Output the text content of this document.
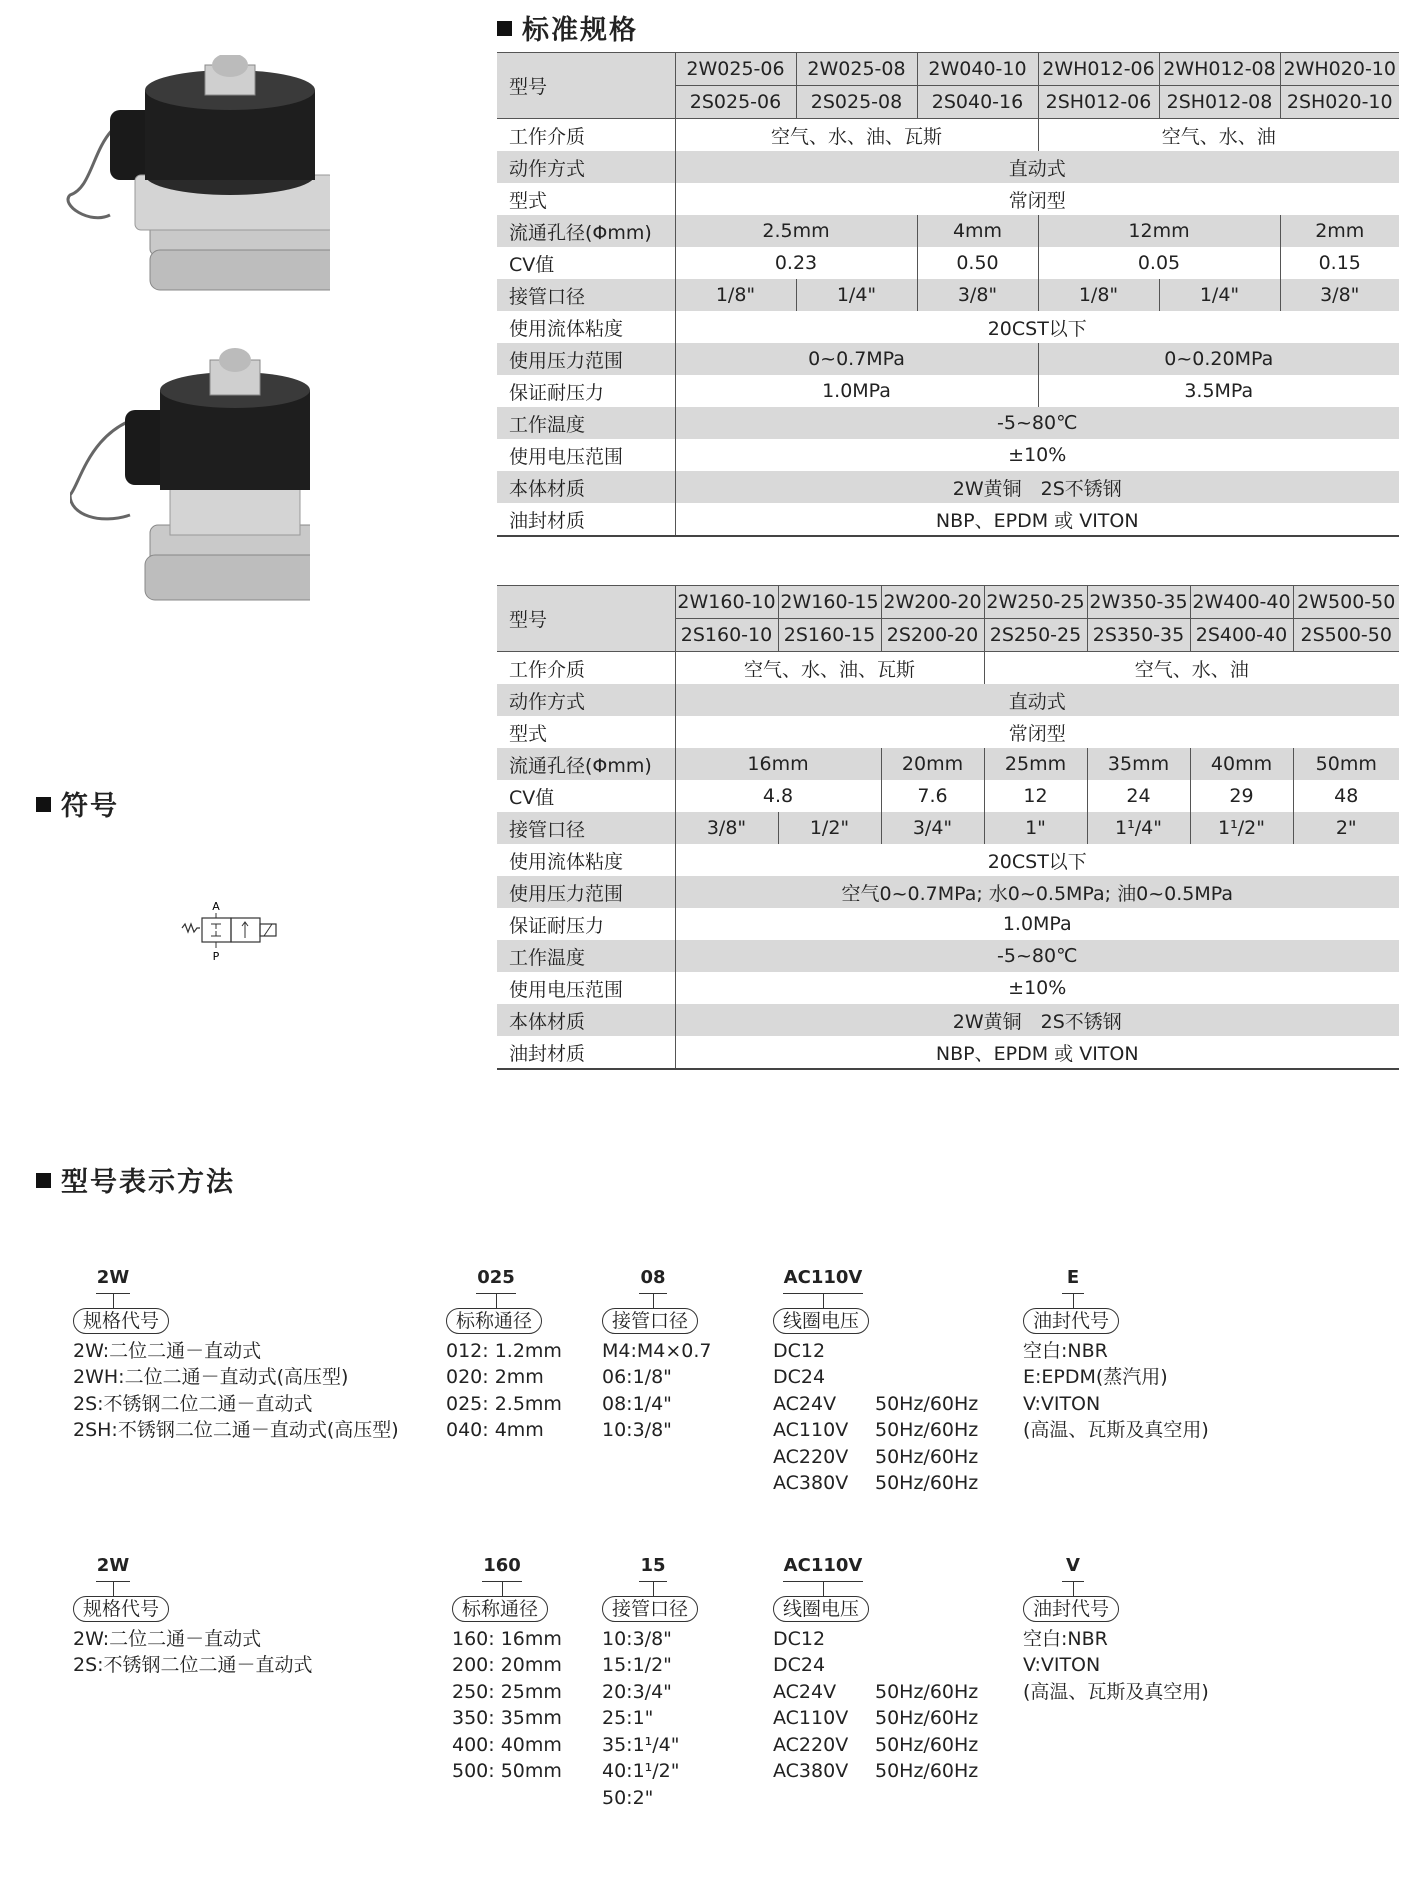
标准规格
符号
型号表示方法
A
P
型号	2W025-06	2W025-08	2W040-10	2WH012-06	2WH012-08	2WH020-10
	2S025-06	2S025-08	2S040-16	2SH012-06	2SH012-08	2SH020-10
工作介质	空气、水、油、瓦斯			空气、水、油		
动作方式	直动式					
型式	常闭型					
流通孔径(Φmm)	2.5mm		4mm	12mm		2mm
CV值	0.23		0.50	0.05		0.15
接管口径	1/8"	1/4"	3/8"	1/8"	1/4"	3/8"
使用流体粘度	20CST以下					
使用压力范围	0~0.7MPa			0~0.20MPa		
保证耐压力	1.0MPa			3.5MPa		
工作温度	-5~80℃					
使用电压范围	±10%					
本体材质	2W黄铜　2S不锈钢					
油封材质	NBP、EPDM 或 VITON					
型号	2W160-10	2W160-15	2W200-20	2W250-25	2W350-35	2W400-40	2W500-50
	2S160-10	2S160-15	2S200-20	2S250-25	2S350-35	2S400-40	2S500-50
工作介质	空气、水、油、瓦斯			空气、水、油			
动作方式	直动式						
型式	常闭型						
流通孔径(Φmm)	16mm		20mm	25mm	35mm	40mm	50mm
CV值	4.8		7.6	12	24	29	48
接管口径	3/8"	1/2"	3/4"	1"	1¹/4"	1¹/2"	2"
使用流体粘度	20CST以下						
使用压力范围	空气0~0.7MPa; 水0~0.5MPa; 油0~0.5MPa						
保证耐压力	1.0MPa						
工作温度	-5~80℃						
使用电压范围	±10%						
本体材质	2W黄铜　2S不锈钢						
油封材质	NBP、EPDM 或 VITON						
2W
规格代号
2W:二位二通－直动式
2WH:二位二通－直动式(高压型)
2S:不锈钢二位二通－直动式
2SH:不锈钢二位二通－直动式(高压型)
025
标称通径
012: 1.2mm
020: 2mm
025: 2.5mm
040: 4mm
08
接管口径
M4:M4×0.7
06:1/8"
08:1/4"
10:3/8"
AC110V
线圈电压
DC12
DC24
AC24V 50Hz/60Hz
AC110V 50Hz/60Hz
AC220V 50Hz/60Hz
AC380V 50Hz/60Hz
E
油封代号
空白:NBR
E:EPDM(蒸汽用)
V:VITON
(高温、瓦斯及真空用)
2W
规格代号
2W:二位二通－直动式
2S:不锈钢二位二通－直动式
160
标称通径
160: 16mm
200: 20mm
250: 25mm
350: 35mm
400: 40mm
500: 50mm
15
接管口径
10:3/8"
15:1/2"
20:3/4"
25:1"
35:1¹/4"
40:1¹/2"
50:2"
AC110V
线圈电压
DC12
DC24
AC24V 50Hz/60Hz
AC110V 50Hz/60Hz
AC220V 50Hz/60Hz
AC380V 50Hz/60Hz
V
油封代号
空白:NBR
V:VITON
(高温、瓦斯及真空用)
